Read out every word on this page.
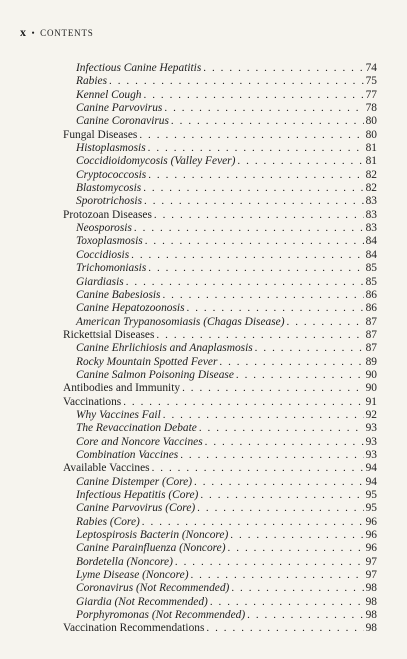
x • CONTENTS
Infectious Canine Hepatitis . . .	74
Rabies . . .	75
Kennel Cough . . .	77
Canine Parvovirus . . .	78
Canine Coronavirus . . .	80
Fungal Diseases . . .	80
Histoplasmosis . . .	81
Coccidioidomycosis (Valley Fever) . . .	81
Cryptococcosis . . .	82
Blastomycosis . . .	82
Sporotrichosis . . .	83
Protozoan Diseases . . .	83
Neosporosis . . .	83
Toxoplasmosis . . .	84
Coccidiosis . . .	84
Trichomoniasis . . .	85
Giardiasis . . .	85
Canine Babesiosis . . .	86
Canine Hepatozoonosis . . .	86
American Trypanosomiasis (Chagas Disease) . . .	87
Rickettsial Diseases . . .	87
Canine Ehrlichiosis and Anaplasmosis . . .	87
Rocky Mountain Spotted Fever . . .	89
Canine Salmon Poisoning Disease . . .	90
Antibodies and Immunity . . .	90
Vaccinations . . .	91
Why Vaccines Fail . . .	92
The Revaccination Debate . . .	93
Core and Noncore Vaccines . . .	93
Combination Vaccines . . .	93
Available Vaccines . . .	94
Canine Distemper (Core) . . .	94
Infectious Hepatitis (Core) . . .	95
Canine Parvovirus (Core) . . .	95
Rabies (Core) . . .	96
Leptospirosis Bacterin (Noncore) . . .	96
Canine Parainfluenza (Noncore) . . .	96
Bordetella (Noncore) . . .	97
Lyme Disease (Noncore) . . .	97
Coronavirus (Not Recommended) . . .	98
Giardia (Not Recommended) . . .	98
Porphyromonas (Not Recommended) . . .	98
Vaccination Recommendations . . .	98
